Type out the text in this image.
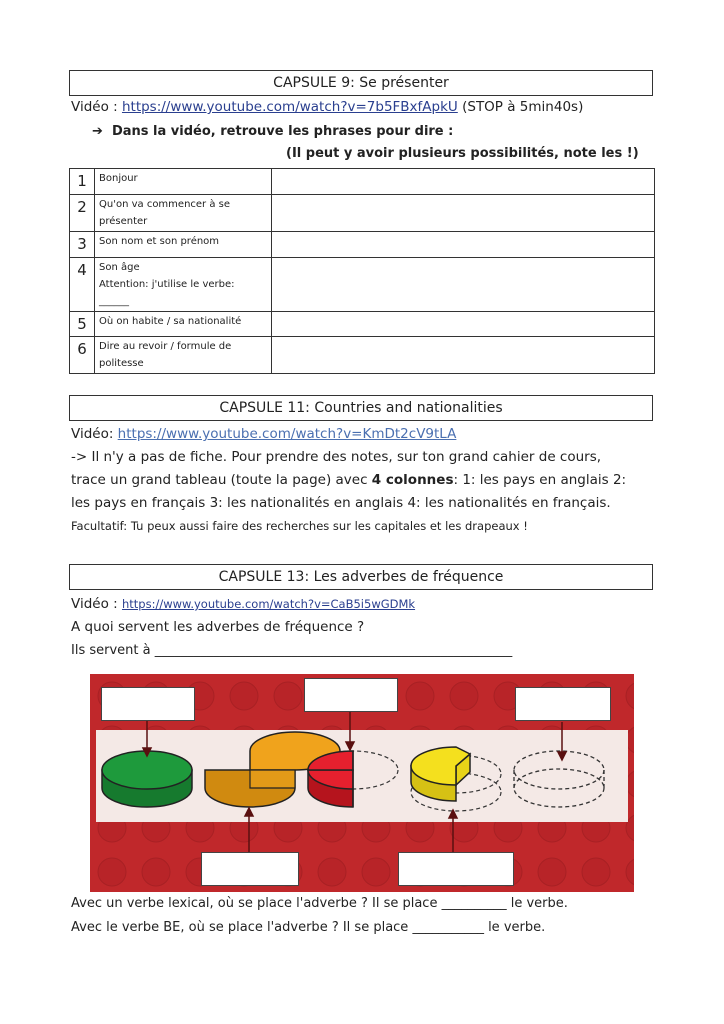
CAPSULE 9: Se présenter
Vidéo : https://www.youtube.com/watch?v=7b5FBxfApkU (STOP à 5min40s)
➔ Dans la vidéo, retrouve les phrases pour dire :
(Il peut y avoir plusieurs possibilités, note les !)
1	Bonjour	

2	Qu'on va commencer à se
présenter	

3	Son nom et son prénom	

4	Son âge
Attention: j'utilise le verbe:
______	

5	Où on habite / sa nationalité	

6	Dire au revoir / formule de
politesse	

CAPSULE 11: Countries and nationalities
Vidéo: https://www.youtube.com/watch?v=KmDt2cV9tLA
-> Il n'y a pas de fiche. Pour prendre des notes, sur ton grand cahier de cours,
trace un grand tableau (toute la page) avec 4 colonnes: 1: les pays en anglais 2:
les pays en français 3: les nationalités en anglais 4: les nationalités en français.
Facultatif: Tu peux aussi faire des recherches sur les capitales et les drapeaux !
CAPSULE 13: Les adverbes de fréquence
Vidéo : https://www.youtube.com/watch?v=CaB5i5wGDMk
A quoi servent les adverbes de fréquence ?
Ils servent à _______________________________________________________
Avec un verbe lexical, où se place l'adverbe ? Il se place __________ le verbe.
Avec le verbe BE, où se place l'adverbe ? Il se place ___________ le verbe.
